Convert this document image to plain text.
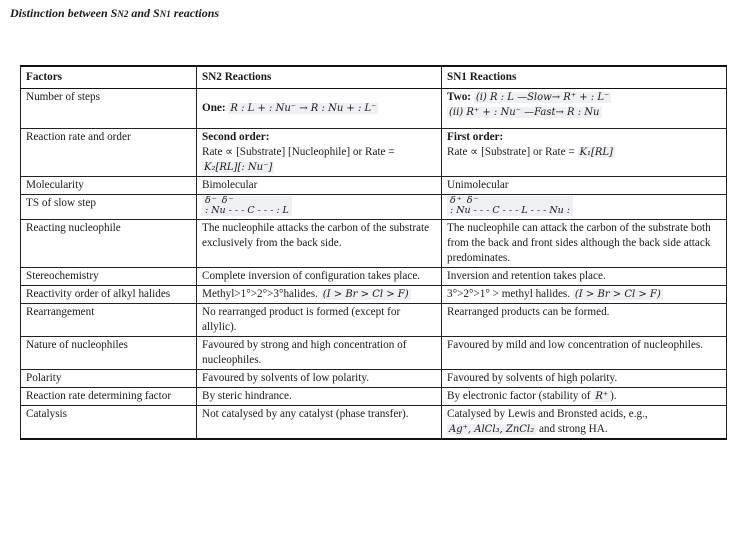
Distinction between SN2 and SN1 reactions
Factors	SN2 Reactions	SN1 Reactions
Number of steps	One: R : L + : Nu⁻ → R : Nu + : L⁻	Two: (i) R : L —Slow→ R⁺ + : L⁻
(ii) R⁺ + : Nu⁻ —Fast→ R : Nu
Reaction rate and order	Second order:
Rate ∝ [Substrate] [Nucleophile] or Rate =
K₂[RL][: Nu⁻]	First order:
Rate ∝ [Substrate] or Rate = K₁[RL]
Molecularity	Bimolecular	Unimolecular
TS of slow step	δ⁻ δ⁻
: Nu - - - C - - - : L	δ⁺ δ⁻
: Nu - - - C - - - L - - - Nu :
Reacting nucleophile	The nucleophile attacks the carbon of the substrate exclusively from the back side.	The nucleophile can attack the carbon of the substrate both from the back and front sides although the back side attack predominates.
Stereochemistry	Complete inversion of configuration takes place.	Inversion and retention takes place.
Reactivity order of alkyl halides	Methyl>1°>2°>3°halides. (I > Br > Cl > F)	3°>2°>1° > methyl halides. (I > Br > Cl > F)
Rearrangement	No rearranged product is formed (except for allylic).	Rearranged products can be formed.
Nature of nucleophiles	Favoured by strong and high concentration of nucleophiles.	Favoured by mild and low concentration of nucleophiles.
Polarity	Favoured by solvents of low polarity.	Favoured by solvents of high polarity.
Reaction rate determining factor	By steric hindrance.	By electronic factor (stability of R⁺ ).
Catalysis	Not catalysed by any catalyst (phase transfer).	Catalysed by Lewis and Bronsted acids, e.g.,
Ag⁺, AlCl₃, ZnCl₂ and strong HA.
